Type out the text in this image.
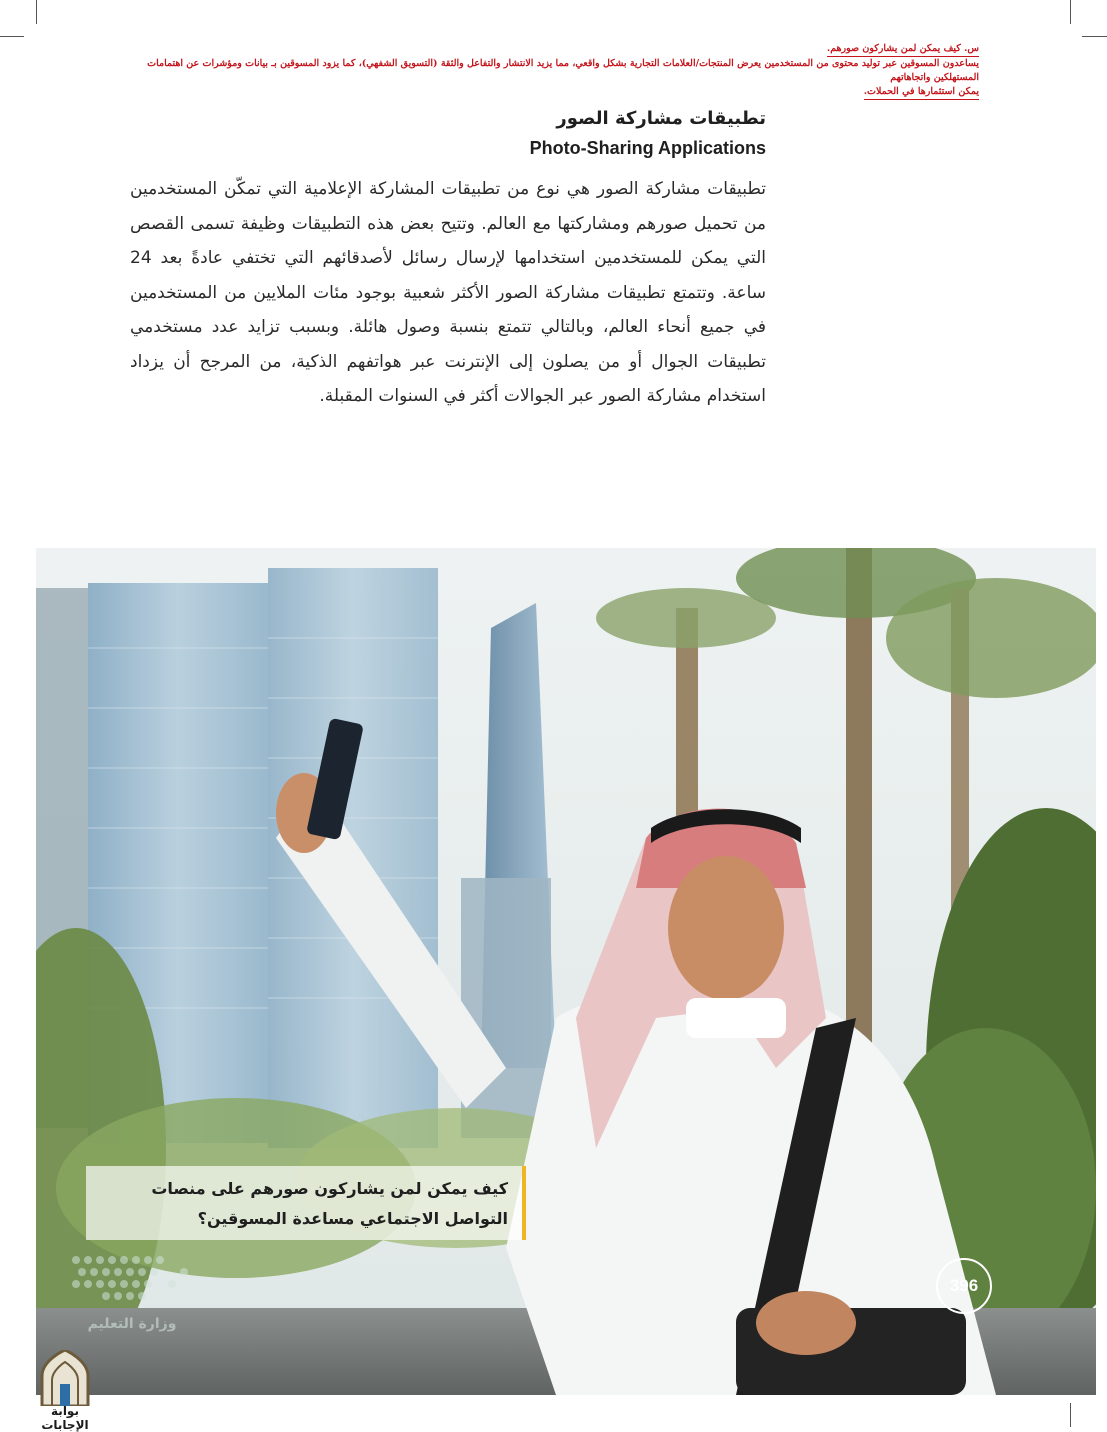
س. كيف يمكن لمن يشاركون صورهم.

يساعدون المسوقين عبر توليد محتوى من المستخدمين يعرض المنتجات/العلامات التجارية بشكل واقعي، مما يزيد الانتشار والتفاعل والثقة (التسويق الشفهي)، كما يزود المسوقين بـ بيانات ومؤشرات عن اهتمامات المستهلكين واتجاهاتهم

يمكن استثمارها في الحملات.

تطبيقات مشاركة الصور
Photo-Sharing Applications

تطبيقات مشاركة الصور هي نوع من تطبيقات المشاركة الإعلامية التي تمكّن المستخدمين من تحميل صورهم ومشاركتها مع العالم. وتتيح بعض هذه التطبيقات وظيفة تسمى القصص التي يمكن للمستخدمين استخدامها لإرسال رسائل لأصدقائهم التي تختفي عادةً بعد 24 ساعة. وتتمتع تطبيقات مشاركة الصور الأكثر شعبية بوجود مئات الملايين من المستخدمين في جميع أنحاء العالم، وبالتالي تتمتع بنسبة وصول هائلة. وبسبب تزايد عدد مستخدمي تطبيقات الجوال أو من يصلون إلى الإنترنت عبر هواتفهم الذكية، من المرجح أن يزداد استخدام مشاركة الصور عبر الجوالات أكثر في السنوات المقبلة.

كيف يمكن لمن يشاركون صورهم على منصات

التواصل الاجتماعي مساعدة المسوقين؟

396
وزارة التعليم
بوابة الإجابات
